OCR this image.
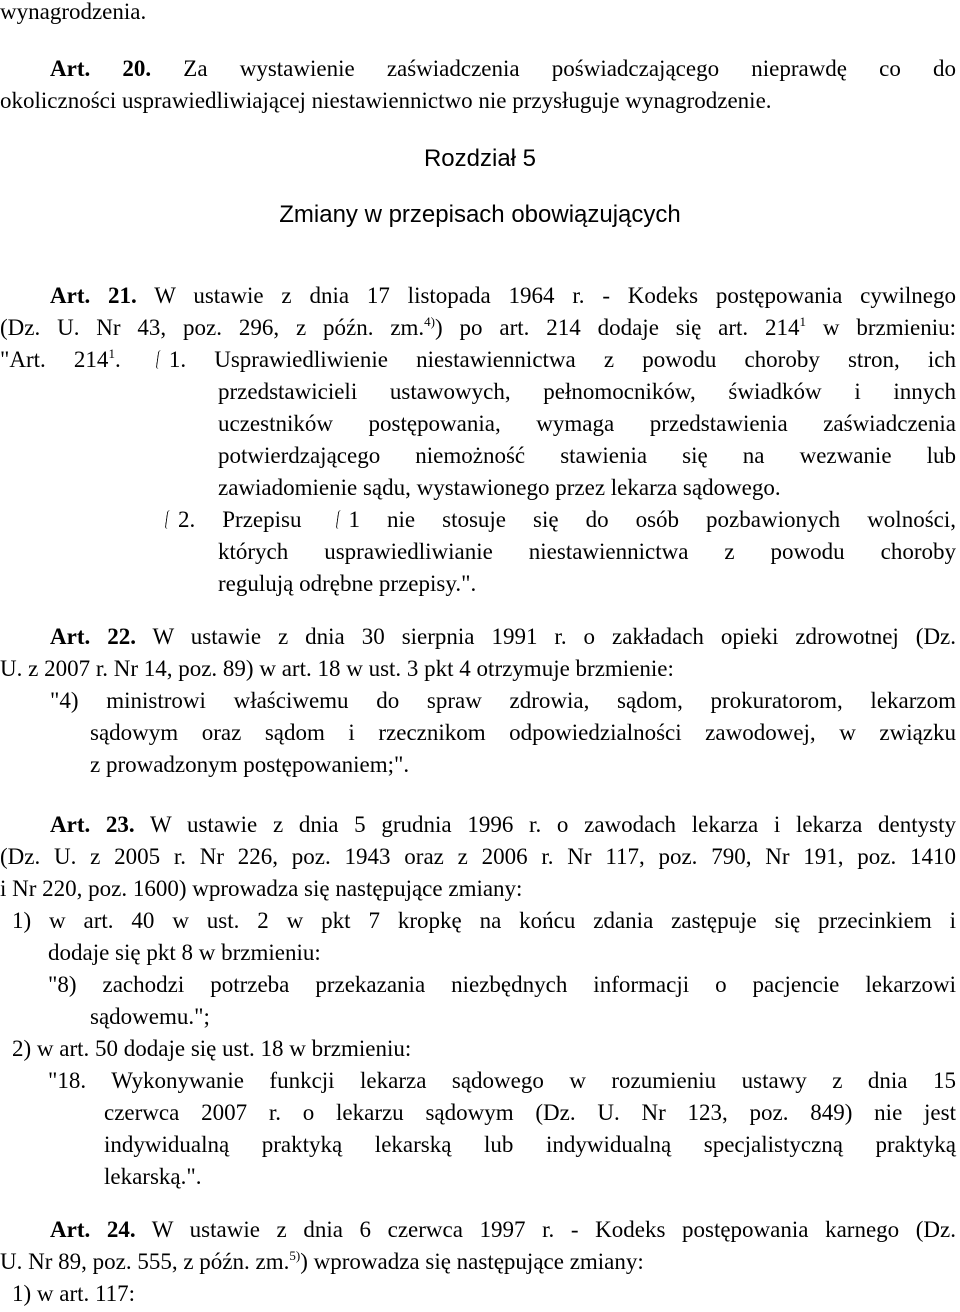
wynagrodzenia.
Art. 20. Za wystawienie zaświadczenia poświadczającego nieprawdę co do
okoliczności usprawiedliwiającej niestawiennictwo nie przysługuje wynagrodzenie.
Rozdział 5
Zmiany w przepisach obowiązujących
Art. 21. W ustawie z dnia 17 listopada 1964 r. - Kodeks postępowania cywilnego
(Dz. U. Nr 43, poz. 296, z późn. zm.$^{4)}$) po art. 214 dodaje się art. $214^1$ w brzmieniu:
"Art. $214^1$. 1. Usprawiedliwienie niestawiennictwa z powodu choroby stron, ich
przedstawicieli ustawowych, pełnomocników, świadków i innych
uczestników postępowania, wymaga przedstawienia zaświadczenia
potwierdzającego niemożność stawienia się na wezwanie lub
zawiadomienie sądu, wystawionego przez lekarza sądowego.
2. Przepisu 1 nie stosuje się do osób pozbawionych wolności,
których usprawiedliwianie niestawiennictwa z powodu choroby
regulują odrębne przepisy.".
Art. 22. W ustawie z dnia 30 sierpnia 1991 r. o zakładach opieki zdrowotnej (Dz.
U. z 2007 r. Nr 14, poz. 89) w art. 18 w ust. 3 pkt 4 otrzymuje brzmienie:
"4) ministrowi właściwemu do spraw zdrowia, sądom, prokuratorom, lekarzom
sądowym oraz sądom i rzecznikom odpowiedzialności zawodowej, w związku
z prowadzonym postępowaniem;".
Art. 23. W ustawie z dnia 5 grudnia 1996 r. o zawodach lekarza i lekarza dentysty
(Dz. U. z 2005 r. Nr 226, poz. 1943 oraz z 2006 r. Nr 117, poz. 790, Nr 191, poz. 1410
i Nr 220, poz. 1600) wprowadza się następujące zmiany:
1) w art. 40 w ust. 2 w pkt 7 kropkę na końcu zdania zastępuje się przecinkiem i
dodaje się pkt 8 w brzmieniu:
"8) zachodzi potrzeba przekazania niezbędnych informacji o pacjencie lekarzowi
sądowemu.";
2) w art. 50 dodaje się ust. 18 w brzmieniu:
"18. Wykonywanie funkcji lekarza sądowego w rozumieniu ustawy z dnia 15
czerwca 2007 r. o lekarzu sądowym (Dz. U. Nr 123, poz. 849) nie jest
indywidualną praktyką lekarską lub indywidualną specjalistyczną praktyką
lekarską.".
Art. 24. W ustawie z dnia 6 czerwca 1997 r. - Kodeks postępowania karnego (Dz.
U. Nr 89, poz. 555, z późn. zm.$^{5)}$) wprowadza się następujące zmiany:
1) w art. 117:
